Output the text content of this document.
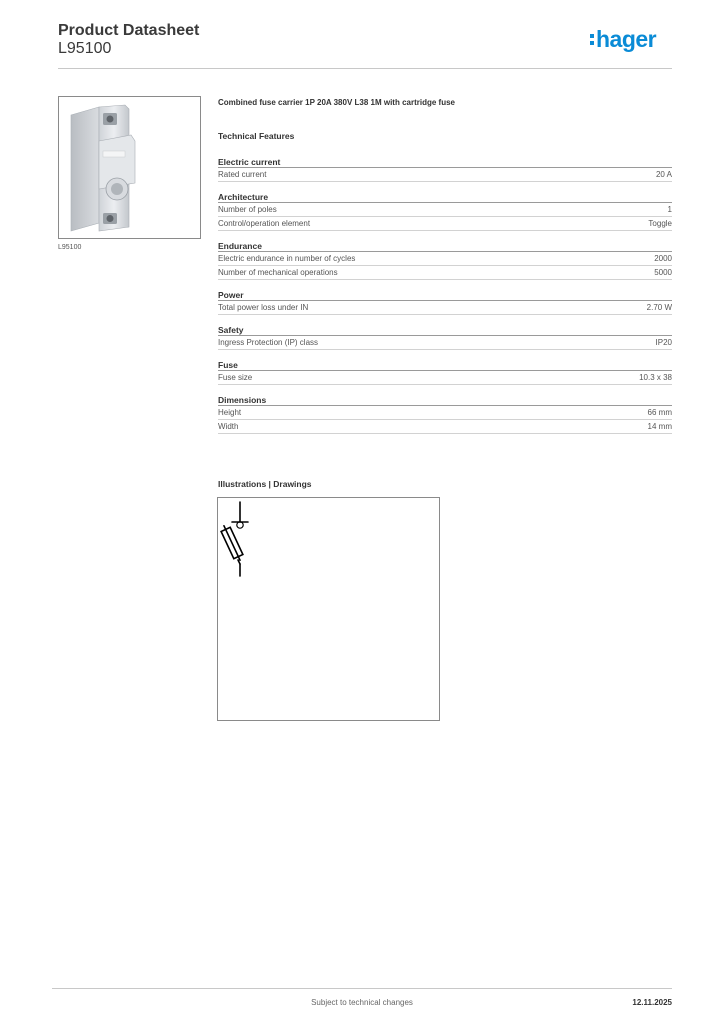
Product Datasheet
L95100	hager
L95100
Combined fuse carrier 1P 20A 380V L38 1M with cartridge fuse
Technical Features
Electric current
Rated current	20 A
Architecture
Number of poles	1
Control/operation element	Toggle
Endurance
Electric endurance in number of cycles	2000
Number of mechanical operations	5000
Power
Total power loss under IN	2.70 W
Safety
Ingress Protection (IP) class	IP20
Fuse
Fuse size	10.3 x 38
Dimensions
Height	66 mm
Width	14 mm
Illustrations | Drawings
Subject to technical changes	12.11.2025
